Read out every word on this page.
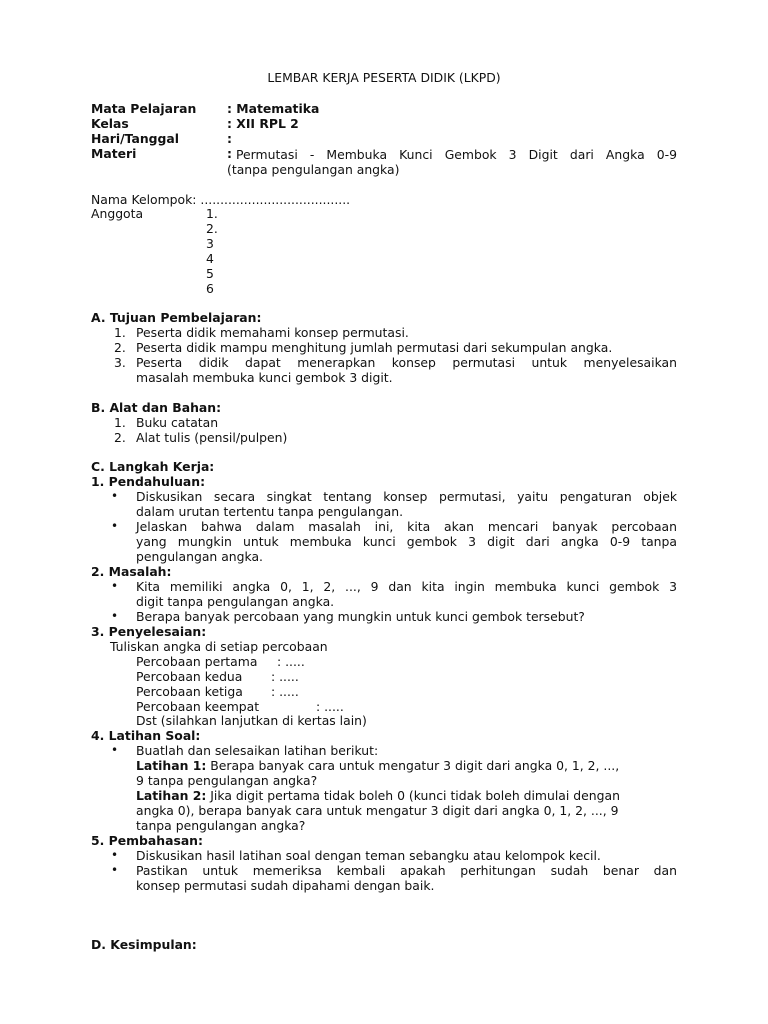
LEMBAR KERJA PESERTA DIDIK (LKPD)
Mata Pelajaran : Matematika
Kelas	: XII RPL 2
Hari/Tanggal	:
Materi	: Permutasi - Membuka Kunci Gembok 3 Digit dari Angka 0-9
(tanpa pengulangan angka)
Nama Kelompok: ......................................
Anggota	1.
2.
3
4
5
6
A. Tujuan Pembelajaran:
1. Peserta didik memahami konsep permutasi.
2. Peserta didik mampu menghitung jumlah permutasi dari sekumpulan angka.
3. Peserta didik dapat menerapkan konsep permutasi untuk menyelesaikan
masalah membuka kunci gembok 3 digit.
B. Alat dan Bahan:
1. Buku catatan
2. Alat tulis (pensil/pulpen)
C. Langkah Kerja:
1. Pendahuluan:
• Diskusikan secara singkat tentang konsep permutasi, yaitu pengaturan objek
dalam urutan tertentu tanpa pengulangan.
• Jelaskan bahwa dalam masalah ini, kita akan mencari banyak percobaan
yang mungkin untuk membuka kunci gembok 3 digit dari angka 0-9 tanpa
pengulangan angka.
2. Masalah:
• Kita memiliki angka 0, 1, 2, ..., 9 dan kita ingin membuka kunci gembok 3
digit tanpa pengulangan angka.
• Berapa banyak percobaan yang mungkin untuk kunci gembok tersebut?
3. Penyelesaian:
Tuliskan angka di setiap percobaan
Percobaan pertama : .....
Percobaan kedua : .....
Percobaan ketiga : .....
Percobaan keempat	: .....
Dst (silahkan lanjutkan di kertas lain)
4. Latihan Soal:
• Buatlah dan selesaikan latihan berikut:
Latihan 1: Berapa banyak cara untuk mengatur 3 digit dari angka 0, 1, 2, ...,
9 tanpa pengulangan angka?
Latihan 2: Jika digit pertama tidak boleh 0 (kunci tidak boleh dimulai dengan
angka 0), berapa banyak cara untuk mengatur 3 digit dari angka 0, 1, 2, ..., 9
tanpa pengulangan angka?
5. Pembahasan:
• Diskusikan hasil latihan soal dengan teman sebangku atau kelompok kecil.
• Pastikan untuk memeriksa kembali apakah perhitungan sudah benar dan
konsep permutasi sudah dipahami dengan baik.
D. Kesimpulan:
